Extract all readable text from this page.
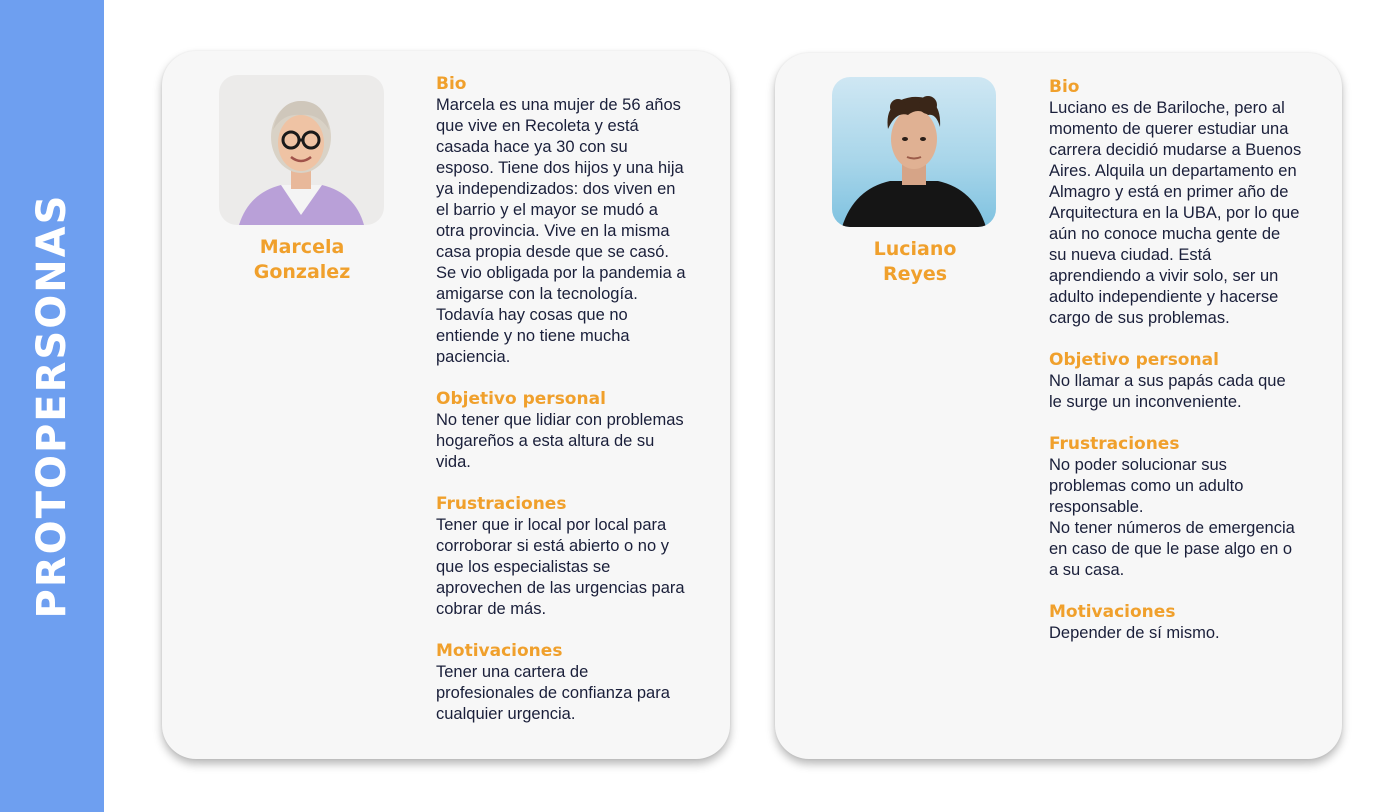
PROTOPERSONAS	Marcela
Gonzalez
Bio
Marcela es una mujer de 56 años
que vive en Recoleta y está
casada hace ya 30 con su
esposo. Tiene dos hijos y una hija
ya independizados: dos viven en
el barrio y el mayor se mudó a
otra provincia. Vive en la misma
casa propia desde que se casó.
Se vio obligada por la pandemia a
amigarse con la tecnología.
Todavía hay cosas que no
entiende y no tiene mucha
paciencia.
Objetivo personal
No tener que lidiar con problemas
hogareños a esta altura de su
vida.
Frustraciones
Tener que ir local por local para
corroborar si está abierto o no y
que los especialistas se
aprovechen de las urgencias para
cobrar de más.
Motivaciones
Tener una cartera de
profesionales de confianza para
cualquier urgencia.
Luciano
Reyes
Bio
Luciano es de Bariloche, pero al
momento de querer estudiar una
carrera decidió mudarse a Buenos
Aires. Alquila un departamento en
Almagro y está en primer año de
Arquitectura en la UBA, por lo que
aún no conoce mucha gente de
su nueva ciudad. Está
aprendiendo a vivir solo, ser un
adulto independiente y hacerse
cargo de sus problemas.
Objetivo personal
No llamar a sus papás cada que
le surge un inconveniente.
Frustraciones
No poder solucionar sus
problemas como un adulto
responsable.
No tener números de emergencia
en caso de que le pase algo en o
a su casa.
Motivaciones
Depender de sí mismo.
